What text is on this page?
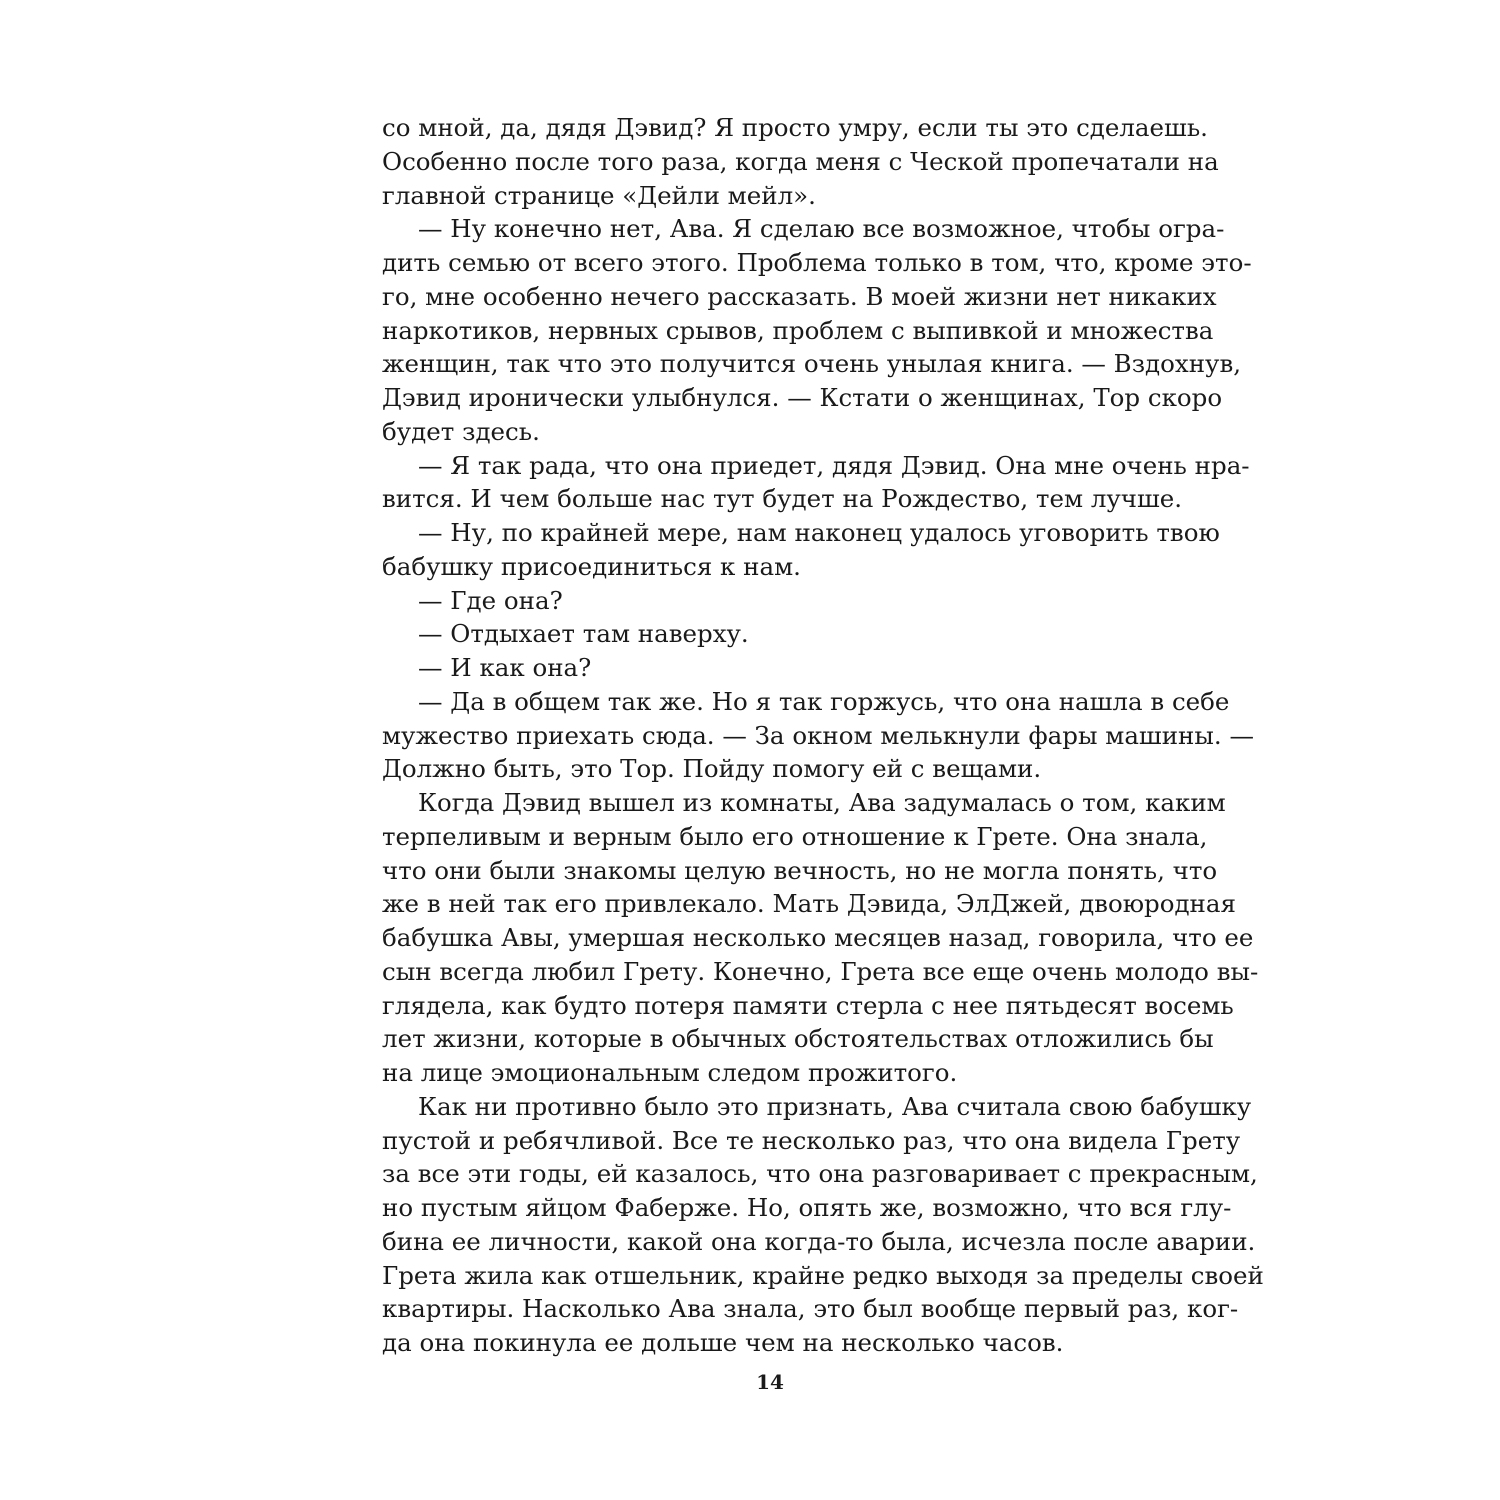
со мной, да, дядя Дэвид? Я просто умру, если ты это сделаешь.
Особенно после того раза, когда меня с Ческой пропечатали на
главной странице «Дейли мейл».
— Ну конечно нет, Ава. Я сделаю все возможное, чтобы огра-
дить семью от всего этого. Проблема только в том, что, кроме это-
го, мне особенно нечего рассказать. В моей жизни нет никаких
наркотиков, нервных срывов, проблем с выпивкой и множества
женщин, так что это получится очень унылая книга. — Вздохнув,
Дэвид иронически улыбнулся. — Кстати о женщинах, Тор скоро
будет здесь.
— Я так рада, что она приедет, дядя Дэвид. Она мне очень нра-
вится. И чем больше нас тут будет на Рождество, тем лучше.
— Ну, по крайней мере, нам наконец удалось уговорить твою
бабушку присоединиться к нам.
— Где она?
— Отдыхает там наверху.
— И как она?
— Да в общем так же. Но я так горжусь, что она нашла в себе
мужество приехать сюда. — За окном мелькнули фары машины. —
Должно быть, это Тор. Пойду помогу ей с вещами.
Когда Дэвид вышел из комнаты, Ава задумалась о том, каким
терпеливым и верным было его отношение к Грете. Она знала,
что они были знакомы целую вечность, но не могла понять, что
же в ней так его привлекало. Мать Дэвида, ЭлДжей, двоюродная
бабушка Авы, умершая несколько месяцев назад, говорила, что ее
сын всегда любил Грету. Конечно, Грета все еще очень молодо вы-
глядела, как будто потеря памяти стерла с нее пятьдесят восемь
лет жизни, которые в обычных обстоятельствах отложились бы
на лице эмоциональным следом прожитого.
Как ни противно было это признать, Ава считала свою бабушку
пустой и ребячливой. Все те несколько раз, что она видела Грету
за все эти годы, ей казалось, что она разговаривает с прекрасным,
но пустым яйцом Фаберже. Но, опять же, возможно, что вся глу-
бина ее личности, какой она когда-то была, исчезла после аварии.
Грета жила как отшельник, крайне редко выходя за пределы своей
квартиры. Насколько Ава знала, это был вообще первый раз, ког-
да она покинула ее дольше чем на несколько часов.
14
